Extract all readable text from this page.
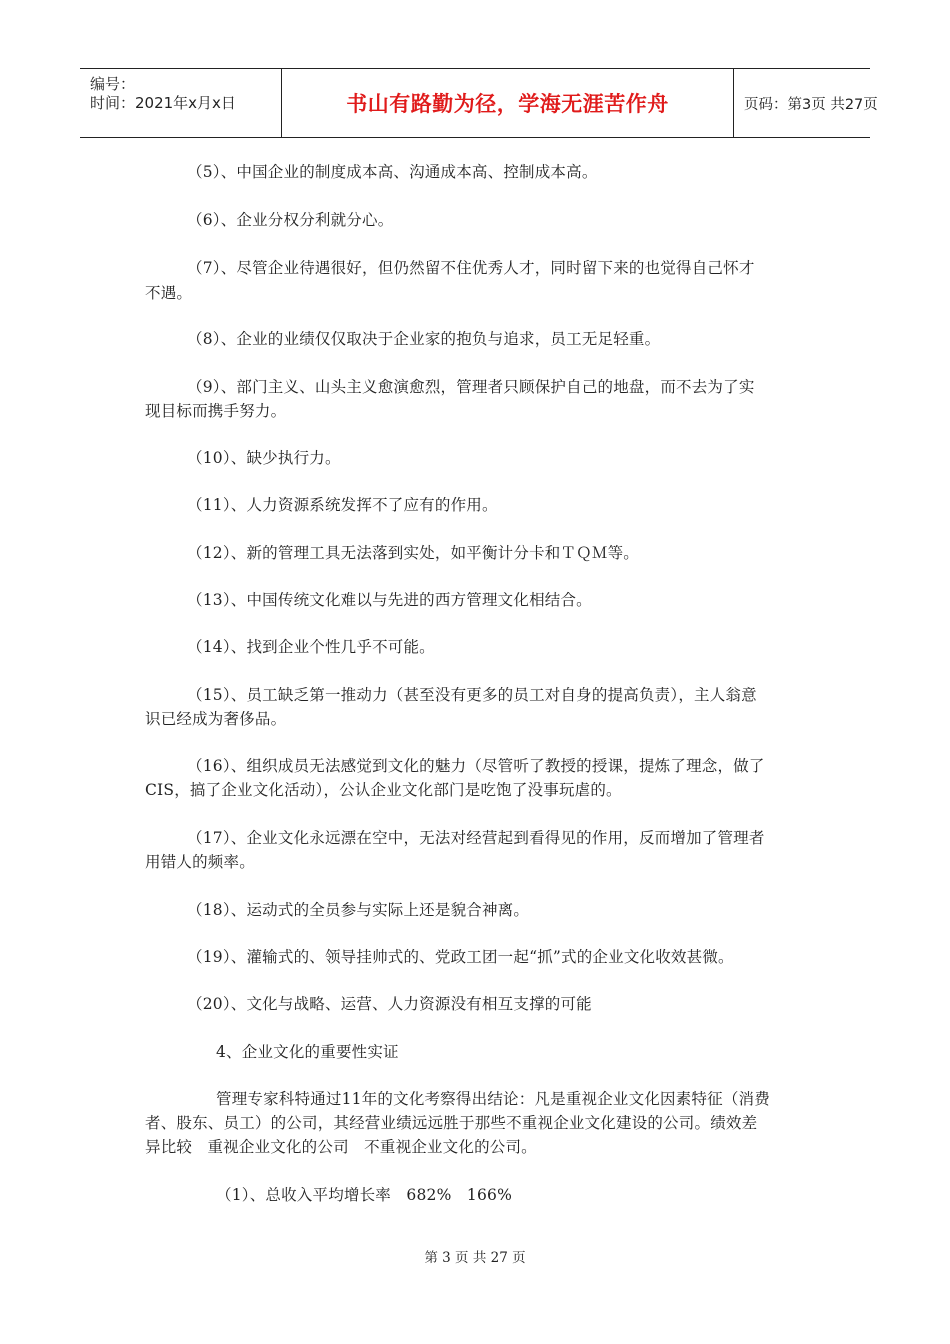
编号：
时间：2021年x月x日	书山有路勤为径，学海无涯苦作舟	页码：第3页 共27页
（5）、中国企业的制度成本高、沟通成本高、控制成本高。
（6）、企业分权分利就分心。
（7）、尽管企业待遇很好，但仍然留不住优秀人才，同时留下来的也觉得自己怀才
不遇。
（8）、企业的业绩仅仅取决于企业家的抱负与追求，员工无足轻重。
（9）、部门主义、山头主义愈演愈烈，管理者只顾保护自己的地盘，而不去为了实
现目标而携手努力。
（10）、缺少执行力。
（11）、人力资源系统发挥不了应有的作用。
（12）、新的管理工具无法落到实处，如平衡计分卡和ＴＱＭ等。
（13）、中国传统文化难以与先进的西方管理文化相结合。
（14）、找到企业个性几乎不可能。
（15）、员工缺乏第一推动力（甚至没有更多的员工对自身的提高负责），主人翁意
识已经成为奢侈品。
（16）、组织成员无法感觉到文化的魅力（尽管听了教授的授课，提炼了理念，做了
CIS，搞了企业文化活动），公认企业文化部门是吃饱了没事玩虐的。
（17）、企业文化永远漂在空中，无法对经营起到看得见的作用，反而增加了管理者
用错人的频率。
（18）、运动式的全员参与实际上还是貌合神离。
（19）、灌输式的、领导挂帅式的、党政工团一起“抓”式的企业文化收效甚微。
（20）、文化与战略、运营、人力资源没有相互支撑的可能
4、企业文化的重要性实证
管理专家科特通过11年的文化考察得出结论：凡是重视企业文化因素特征（消费
者、股东、员工）的公司，其经营业绩远远胜于那些不重视企业文化建设的公司。绩效差
异比较   重视企业文化的公司   不重视企业文化的公司。
（1）、总收入平均增长率   682%   166%
第 3 页 共 27 页
